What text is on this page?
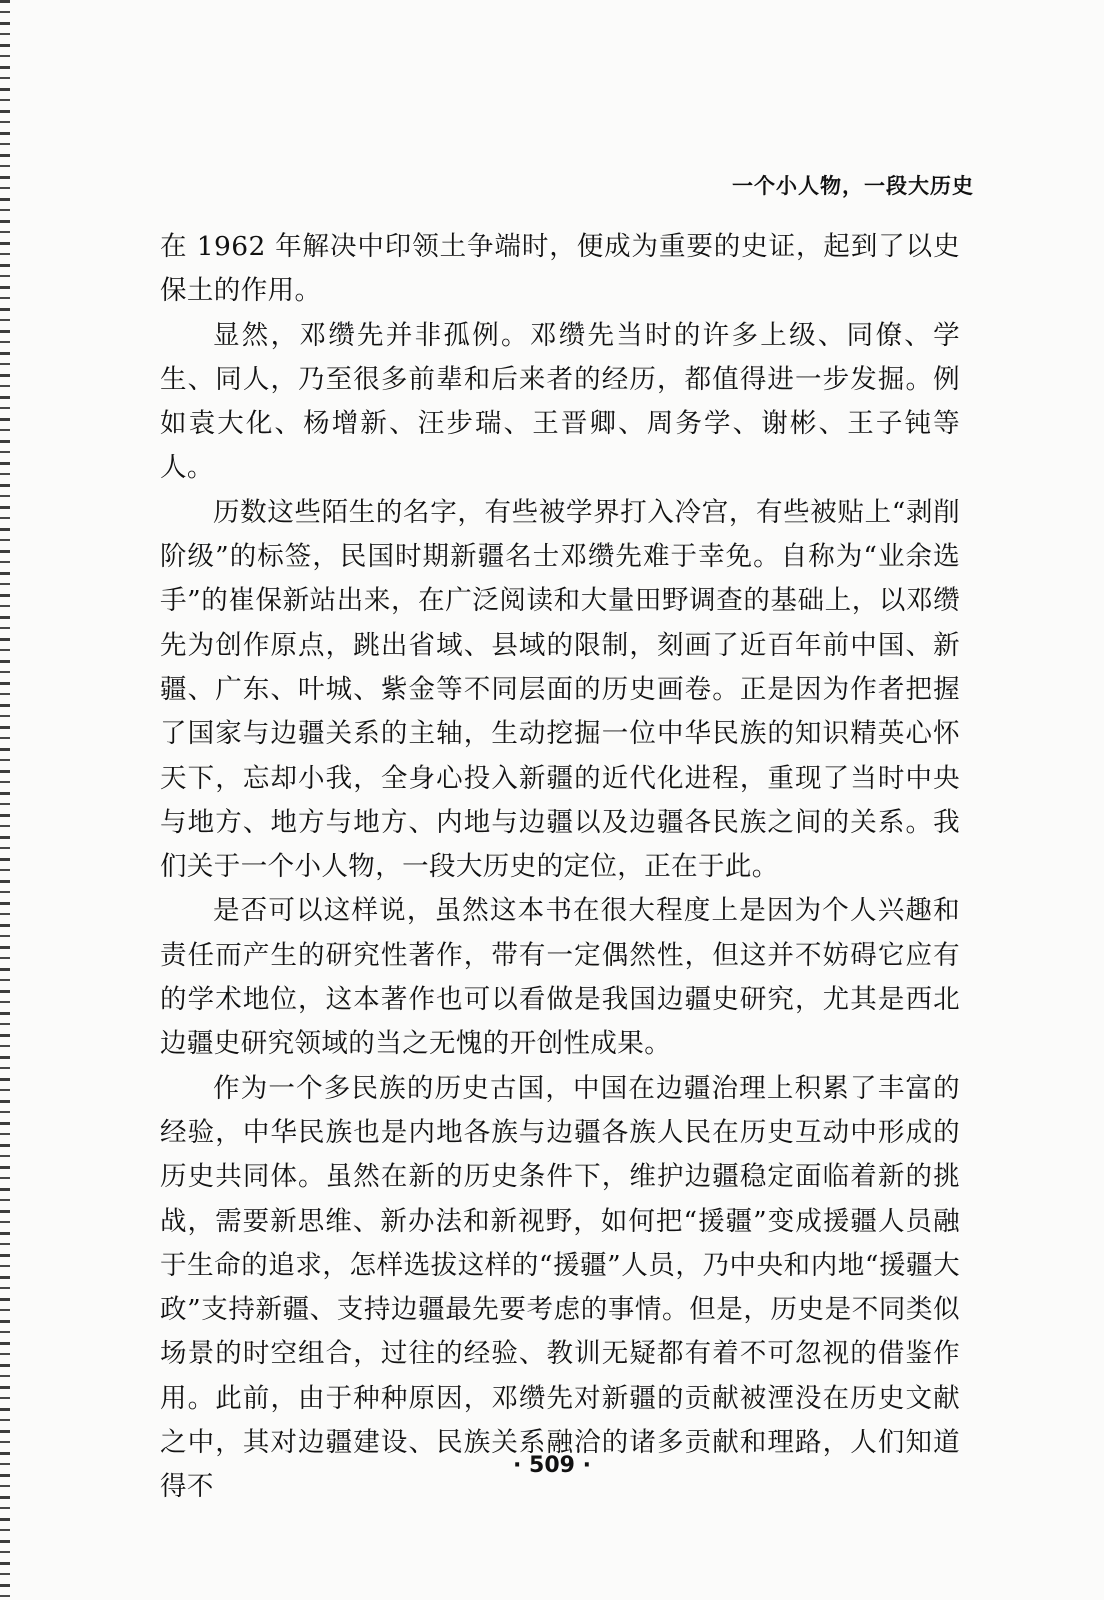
一个小人物，一段大历史

在 1962 年解决中印领土争端时，便成为重要的史证，起到了以史保土的作用。

显然，邓缵先并非孤例。邓缵先当时的许多上级、同僚、学生、同人，乃至很多前辈和后来者的经历，都值得进一步发掘。例如袁大化、杨增新、汪步瑞、王晋卿、周务学、谢彬、王子钝等人。

历数这些陌生的名字，有些被学界打入冷宫，有些被贴上“剥削阶级”的标签，民国时期新疆名士邓缵先难于幸免。自称为“业余选手”的崔保新站出来，在广泛阅读和大量田野调查的基础上，以邓缵先为创作原点，跳出省域、县域的限制，刻画了近百年前中国、新疆、广东、叶城、紫金等不同层面的历史画卷。正是因为作者把握了国家与边疆关系的主轴，生动挖掘一位中华民族的知识精英心怀天下，忘却小我，全身心投入新疆的近代化进程，重现了当时中央与地方、地方与地方、内地与边疆以及边疆各民族之间的关系。我们关于一个小人物，一段大历史的定位，正在于此。

是否可以这样说，虽然这本书在很大程度上是因为个人兴趣和责任而产生的研究性著作，带有一定偶然性，但这并不妨碍它应有的学术地位，这本著作也可以看做是我国边疆史研究，尤其是西北边疆史研究领域的当之无愧的开创性成果。

作为一个多民族的历史古国，中国在边疆治理上积累了丰富的经验，中华民族也是内地各族与边疆各族人民在历史互动中形成的历史共同体。虽然在新的历史条件下，维护边疆稳定面临着新的挑战，需要新思维、新办法和新视野，如何把“援疆”变成援疆人员融于生命的追求，怎样选拔这样的“援疆”人员，乃中央和内地“援疆大政”支持新疆、支持边疆最先要考虑的事情。但是，历史是不同类似场景的时空组合，过往的经验、教训无疑都有着不可忽视的借鉴作用。此前，由于种种原因，邓缵先对新疆的贡献被湮没在历史文献之中，其对边疆建设、民族关系融洽的诸多贡献和理路，人们知道得不

· 509 ·
